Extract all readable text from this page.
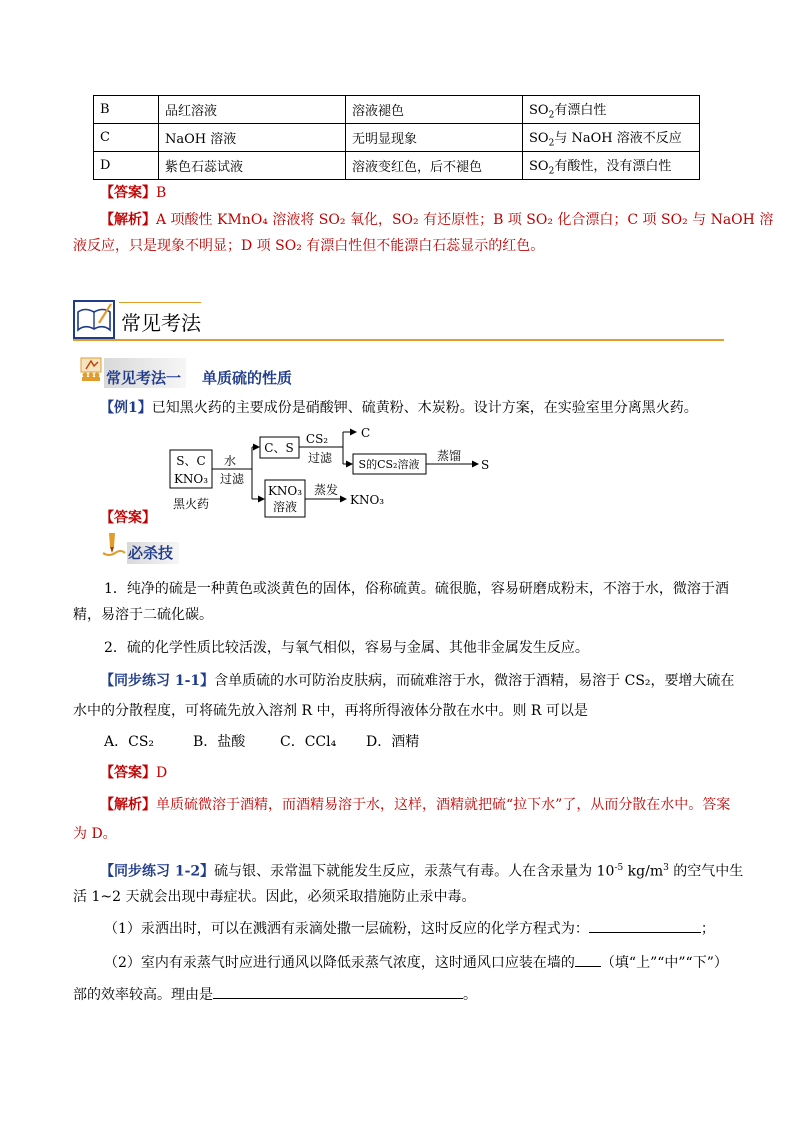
B	品红溶液	溶液褪色	$SO_2$有漂白性
C	NaOH 溶液	无明显现象	$SO_2$与 NaOH 溶液不反应
D	紫色石蕊试液	溶液变红色，后不褪色	$SO_2$有酸性，没有漂白性
【答案】B
【解析】A 项酸性 KMnO₄ 溶液将 SO₂ 氧化，SO₂ 有还原性；B 项 SO₂ 化合漂白；C 项 SO₂ 与 NaOH 溶
液反应，只是现象不明显；D 项 SO₂ 有漂白性但不能漂白石蕊显示的红色。
常见考法
常见考法一 单质硫的性质
【例1】已知黑火药的主要成份是硝酸钾、硫黄粉、木炭粉。设计方案，在实验室里分离黑火药。
S、C
KNO₃
黑火药
水
过滤
C、S
CS₂
过滤
C
S的CS₂溶液
蒸馏
S
KNO₃
溶液
蒸发
KNO₃
【答案】
必杀技
1．纯净的硫是一种黄色或淡黄色的固体，俗称硫黄。硫很脆，容易研磨成粉末，不溶于水，微溶于酒
精，易溶于二硫化碳。
2．硫的化学性质比较活泼，与氧气相似，容易与金属、其他非金属发生反应。
【同步练习 1-1】含单质硫的水可防治皮肤病，而硫难溶于水，微溶于酒精，易溶于 CS₂，要增大硫在
水中的分散程度，可将硫先放入溶剂 R 中，再将所得液体分散在水中。则 R 可以是
A．CS₂	B．盐酸 C．CCl₄ D．酒精
【答案】D
【解析】单质硫微溶于酒精，而酒精易溶于水，这样，酒精就把硫“拉下水”了，从而分散在水中。答案
为 D。
【同步练习 1-2】硫与银、汞常温下就能发生反应，汞蒸气有毒。人在含汞量为 $10^{-5}$ $kg/m^3$ 的空气中生
活 1~2 天就会出现中毒症状。因此，必须采取措施防止汞中毒。
（1）汞洒出时，可以在溅洒有汞滴处撒一层硫粉，这时反应的化学方程式为：	；
（2）室内有汞蒸气时应进行通风以降低汞蒸气浓度，这时通风口应装在墙的 （填“上”“中”“下”）
部的效率较高。理由是	。
